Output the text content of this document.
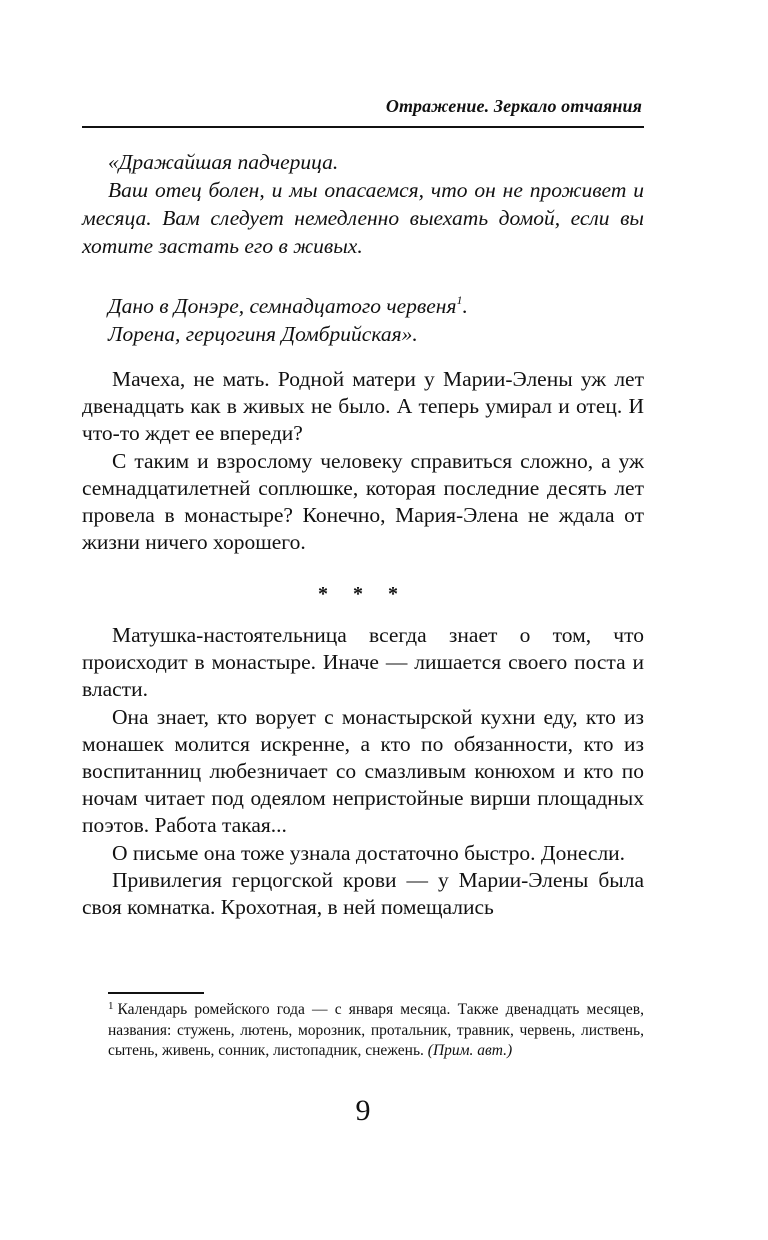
Отражение. Зеркало отчаяния

«Дражайшая падчерица.

Ваш отец болен, и мы опасаемся, что он не проживет и месяца. Вам следует немедленно выехать домой, если вы хотите застать его в живых.

Дано в Донэре, семнадцатого червеня$^1$.

Лорена, герцогиня Домбрийская».

Мачеха, не мать. Родной матери у Марии-Элены уж лет двенадцать как в живых не было. А теперь умирал и отец. И что-то ждет ее впереди?

С таким и взрослому человеку справиться сложно, а уж семнадцатилетней соплюшке, которая последние десять лет провела в монастыре? Конечно, Мария-Элена не ждала от жизни ничего хорошего.

* * *

Матушка-настоятельница всегда знает о том, что происходит в монастыре. Иначе — лишается своего поста и власти.

Она знает, кто ворует с монастырской кухни еду, кто из монашек молится искренне, а кто по обязанности, кто из воспитанниц любезничает со смазливым конюхом и кто по ночам читает под одеялом непристойные вирши площадных поэтов. Работа такая...

О письме она тоже узнала достаточно быстро. Донесли.

Привилегия герцогской крови — у Марии-Элены была своя комнатка. Крохотная, в ней помещались

$^1$ Календарь ромейского года — с января месяца. Также двенадцать месяцев, названия: стужень, лютень, морозник, протальник, травник, червень, листвень, сытень, живень, сонник, листопадник, снежень. (Прим. авт.)
9
